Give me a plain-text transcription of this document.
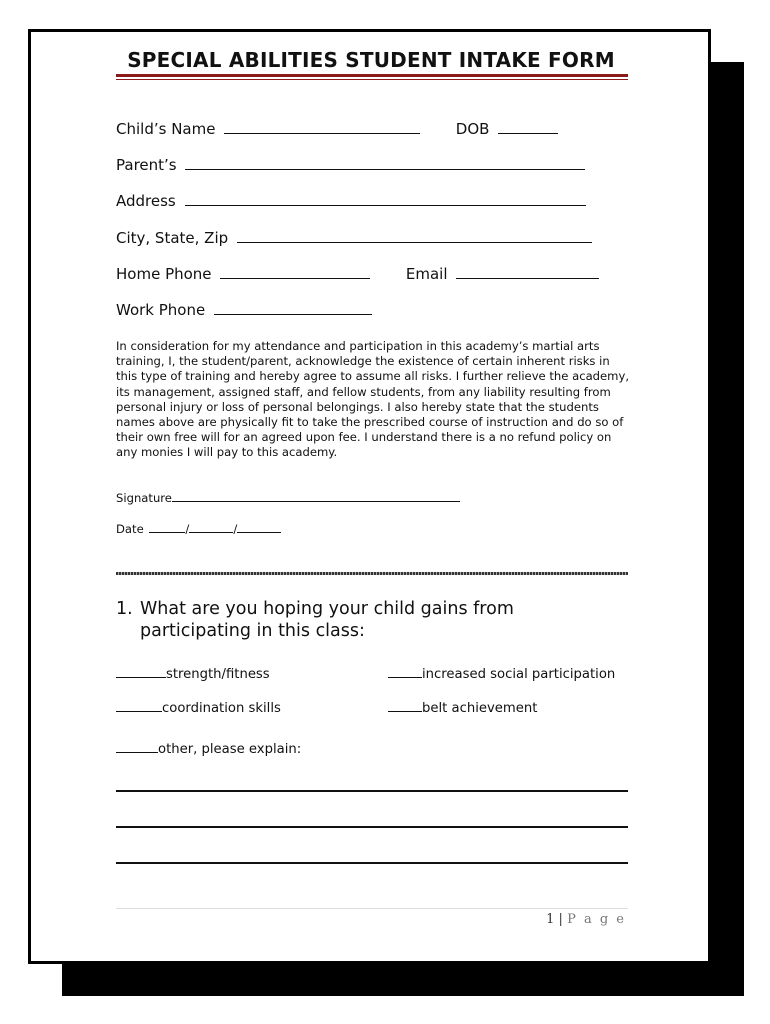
SPECIAL ABILITIES STUDENT INTAKE FORM
Child’s Name	DOB
Parent’s
Address
City, State, Zip
Home Phone	Email
Work Phone
In consideration for my attendance and participation in this academy’s martial arts training, I, the student/parent, acknowledge the existence of certain inherent risks in this type of training and hereby agree to assume all risks. I further relieve the academy, its management, assigned staff, and fellow students, from any liability resulting from personal injury or loss of personal belongings. I also hereby state that the students names above are physically fit to take the prescribed course of instruction and do so of their own free will for an agreed upon fee. I understand there is a no refund policy on any monies I will pay to this academy.
Signature
Date	/	/
1. What are you hoping your child gains from
participating in this class:
strength/fitness	increased social participation
coordination skills	belt achievement
other, please explain:
1 | P a g e
